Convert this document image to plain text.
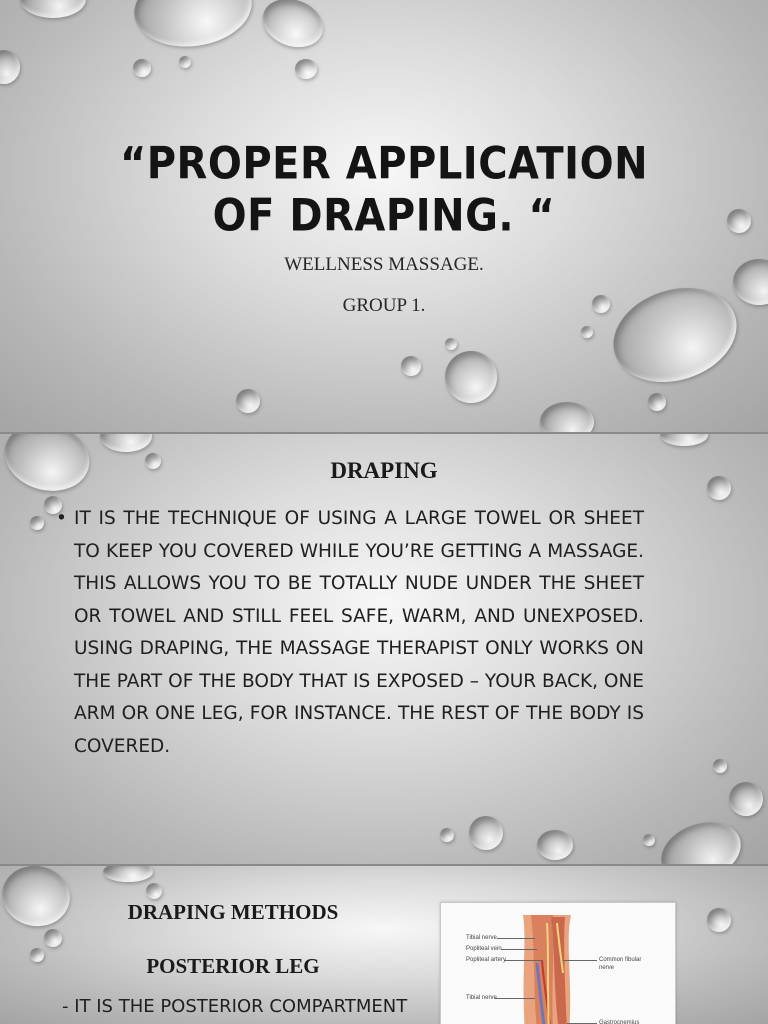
“PROPER APPLICATION
OF DRAPING. “
WELLNESS MASSAGE.
GROUP 1.
DRAPING
• IT IS THE TECHNIQUE OF USING A LARGE TOWEL OR SHEET TO KEEP YOU COVERED WHILE YOU’RE GETTING A MASSAGE. THIS ALLOWS YOU TO BE TOTALLY NUDE UNDER THE SHEET OR TOWEL AND STILL FEEL SAFE, WARM, AND UNEXPOSED. USING DRAPING, THE MASSAGE THERAPIST ONLY WORKS ON THE PART OF THE BODY THAT IS EXPOSED – YOUR BACK, ONE ARM OR ONE LEG, FOR INSTANCE. THE REST OF THE BODY IS COVERED.
DRAPING METHODS
POSTERIOR LEG
- IT IS THE POSTERIOR COMPARTMENT
Tibial nerve
Popliteal vein
Popliteal artery	Common fibular
nerve
Tibial nerve
Gastrocnemius
